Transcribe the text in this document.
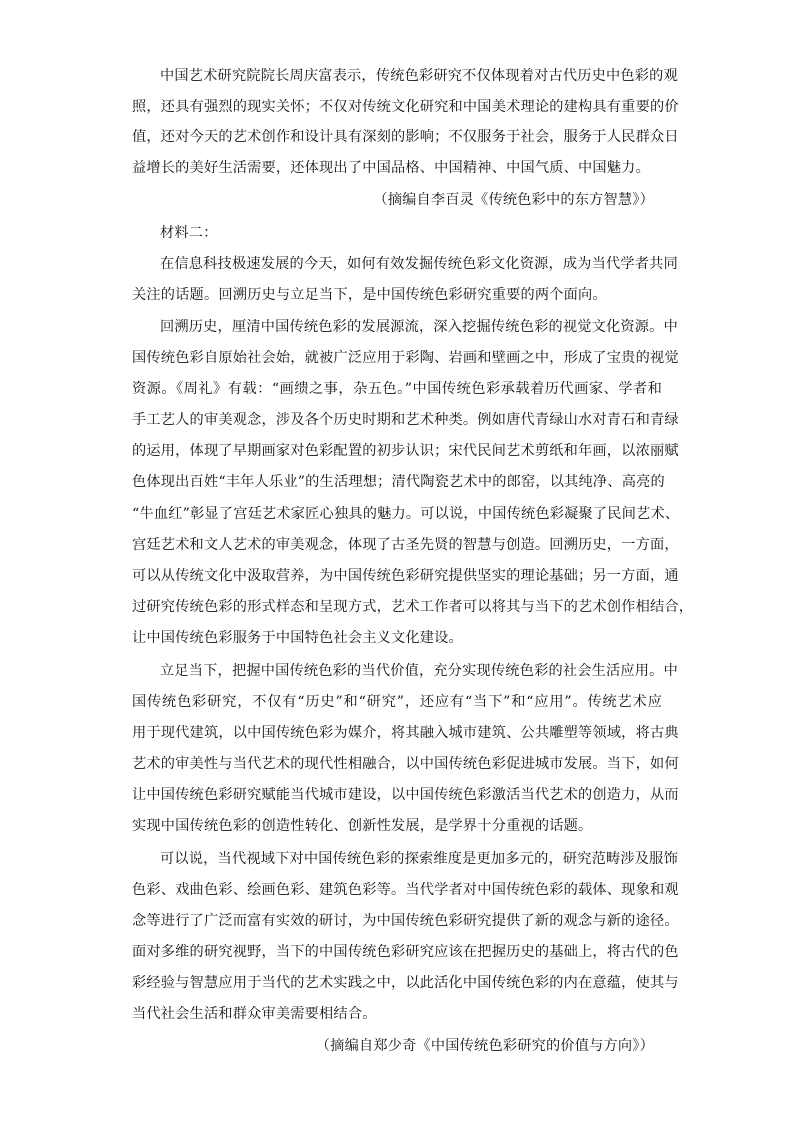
中国艺术研究院院长周庆富表示，传统色彩研究不仅体现着对古代历史中色彩的观
照，还具有强烈的现实关怀；不仅对传统文化研究和中国美术理论的建构具有重要的价
值，还对今天的艺术创作和设计具有深刻的影响；不仅服务于社会，服务于人民群众日
益增长的美好生活需要，还体现出了中国品格、中国精神、中国气质、中国魅力。
（摘编自李百灵《传统色彩中的东方智慧》）
材料二：
在信息科技极速发展的今天，如何有效发掘传统色彩文化资源，成为当代学者共同
关注的话题。回溯历史与立足当下，是中国传统色彩研究重要的两个面向。
回溯历史，厘清中国传统色彩的发展源流，深入挖掘传统色彩的视觉文化资源。中
国传统色彩自原始社会始，就被广泛应用于彩陶、岩画和壁画之中，形成了宝贵的视觉
资源。《周礼》有载：“画缋之事，杂五色。”中国传统色彩承载着历代画家、学者和
手工艺人的审美观念，涉及各个历史时期和艺术种类。例如唐代青绿山水对青石和青绿
的运用，体现了早期画家对色彩配置的初步认识；宋代民间艺术剪纸和年画，以浓丽赋
色体现出百姓“丰年人乐业”的生活理想；清代陶瓷艺术中的郎窑，以其纯净、高亮的
“牛血红”彰显了宫廷艺术家匠心独具的魅力。可以说，中国传统色彩凝聚了民间艺术、
宫廷艺术和文人艺术的审美观念，体现了古圣先贤的智慧与创造。回溯历史，一方面，
可以从传统文化中汲取营养，为中国传统色彩研究提供坚实的理论基础；另一方面，通
过研究传统色彩的形式样态和呈现方式，艺术工作者可以将其与当下的艺术创作相结合，
让中国传统色彩服务于中国特色社会主义文化建设。
立足当下，把握中国传统色彩的当代价值，充分实现传统色彩的社会生活应用。中
国传统色彩研究，不仅有“历史”和“研究”，还应有“当下”和“应用”。传统艺术应
用于现代建筑，以中国传统色彩为媒介，将其融入城市建筑、公共雕塑等领域，将古典
艺术的审美性与当代艺术的现代性相融合，以中国传统色彩促进城市发展。当下，如何
让中国传统色彩研究赋能当代城市建设，以中国传统色彩激活当代艺术的创造力，从而
实现中国传统色彩的创造性转化、创新性发展，是学界十分重视的话题。
可以说，当代视域下对中国传统色彩的探索维度是更加多元的，研究范畴涉及服饰
色彩、戏曲色彩、绘画色彩、建筑色彩等。当代学者对中国传统色彩的载体、现象和观
念等进行了广泛而富有实效的研讨，为中国传统色彩研究提供了新的观念与新的途径。
面对多维的研究视野，当下的中国传统色彩研究应该在把握历史的基础上，将古代的色
彩经验与智慧应用于当代的艺术实践之中，以此活化中国传统色彩的内在意蕴，使其与
当代社会生活和群众审美需要相结合。
（摘编自郑少奇《中国传统色彩研究的价值与方向》）
